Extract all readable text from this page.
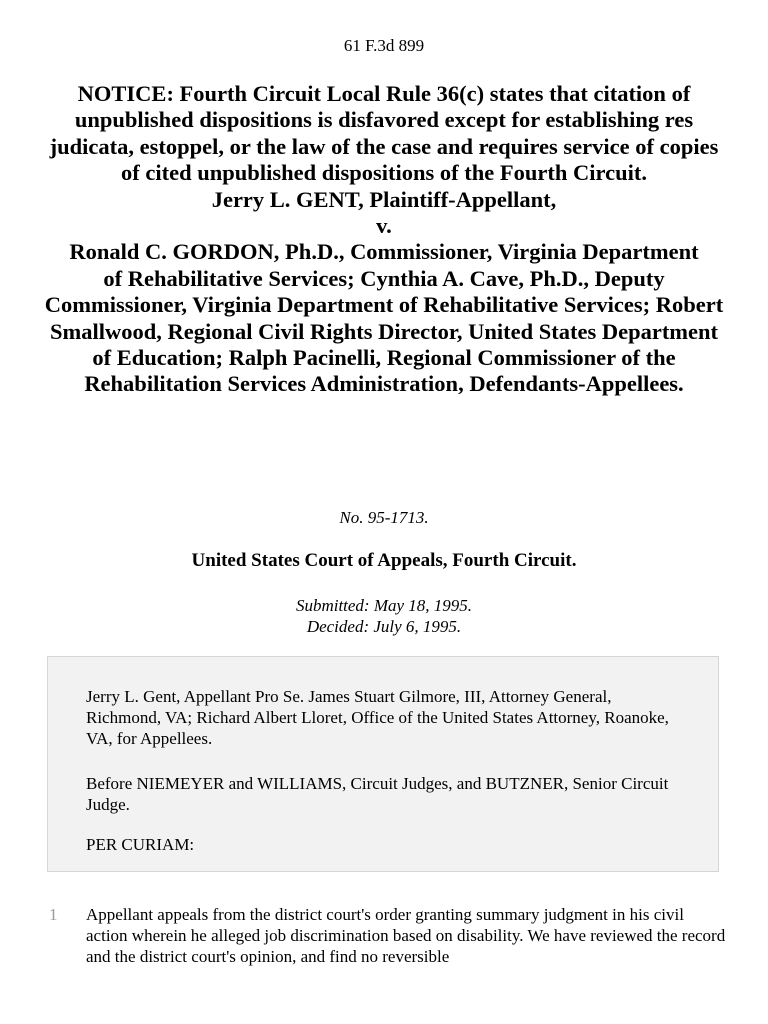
61 F.3d 899
NOTICE: Fourth Circuit Local Rule 36(c) states that citation of unpublished dispositions is disfavored except for establishing res judicata, estoppel, or the law of the case and requires service of copies of cited unpublished dispositions of the Fourth Circuit.
Jerry L. GENT, Plaintiff-Appellant,
v.
Ronald C. GORDON, Ph.D., Commissioner, Virginia Department
of Rehabilitative Services; Cynthia A. Cave, Ph.D., Deputy Commissioner, Virginia Department of Rehabilitative Services; Robert Smallwood, Regional Civil Rights Director, United States Department of Education; Ralph Pacinelli, Regional Commissioner of the Rehabilitation Services Administration, Defendants-Appellees.
No. 95-1713.
United States Court of Appeals, Fourth Circuit.
Submitted: May 18, 1995.
Decided: July 6, 1995.

Jerry L. Gent, Appellant Pro Se. James Stuart Gilmore, III, Attorney General, Richmond, VA; Richard Albert Lloret, Office of the United States Attorney, Roanoke, VA, for Appellees.

Before NIEMEYER and WILLIAMS, Circuit Judges, and BUTZNER, Senior Circuit Judge.

PER CURIAM:

1 Appellant appeals from the district court's order granting summary judgment in his civil action wherein he alleged job discrimination based on disability. We have reviewed the record and the district court's opinion, and find no reversible
